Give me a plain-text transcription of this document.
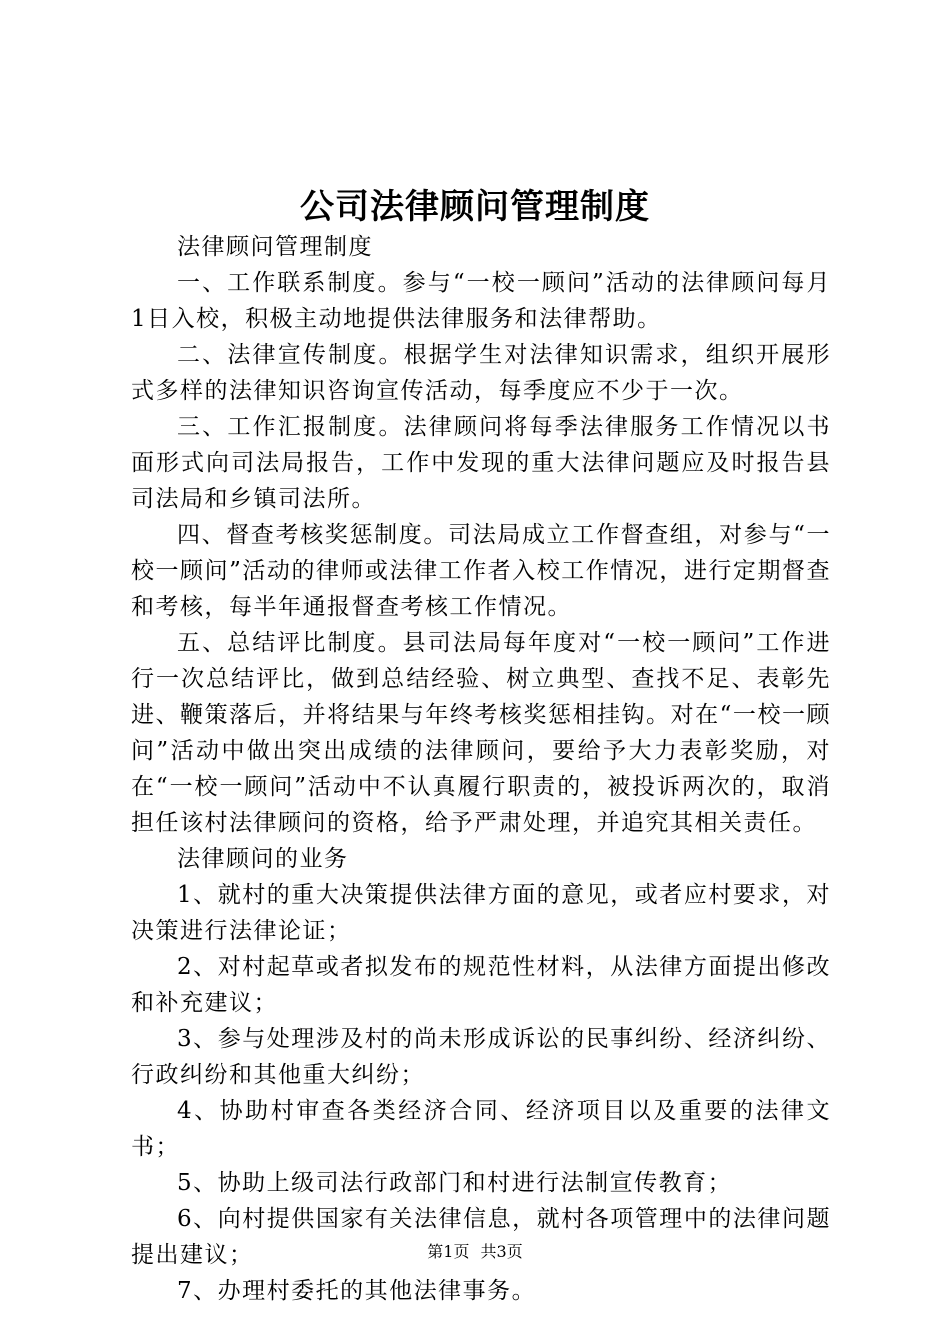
公司法律顾问管理制度

法律顾问管理制度

一、工作联系制度。参与“一校一顾问”活动的法律顾问每月1日入校，积极主动地提供法律服务和法律帮助。

二、法律宣传制度。根据学生对法律知识需求，组织开展形式多样的法律知识咨询宣传活动，每季度应不少于一次。

三、工作汇报制度。法律顾问将每季法律服务工作情况以书面形式向司法局报告，工作中发现的重大法律问题应及时报告县司法局和乡镇司法所。

四、督查考核奖惩制度。司法局成立工作督查组，对参与“一校一顾问”活动的律师或法律工作者入校工作情况，进行定期督查和考核，每半年通报督查考核工作情况。

五、总结评比制度。县司法局每年度对“一校一顾问”工作进行一次总结评比，做到总结经验、树立典型、查找不足、表彰先进、鞭策落后，并将结果与年终考核奖惩相挂钩。对在“一校一顾问”活动中做出突出成绩的法律顾问，要给予大力表彰奖励，对在“一校一顾问”活动中不认真履行职责的，被投诉两次的，取消担任该村法律顾问的资格，给予严肃处理，并追究其相关责任。

法律顾问的业务

1、就村的重大决策提供法律方面的意见，或者应村要求，对决策进行法律论证；

2、对村起草或者拟发布的规范性材料，从法律方面提出修改和补充建议；

3、参与处理涉及村的尚未形成诉讼的民事纠纷、经济纠纷、行政纠纷和其他重大纠纷；

4、协助村审查各类经济合同、经济项目以及重要的法律文书；

5、协助上级司法行政部门和村进行法制宣传教育；

6、向村提供国家有关法律信息，就村各项管理中的法律问题提出建议；

7、办理村委托的其他法律事务。

第1页 共3页
